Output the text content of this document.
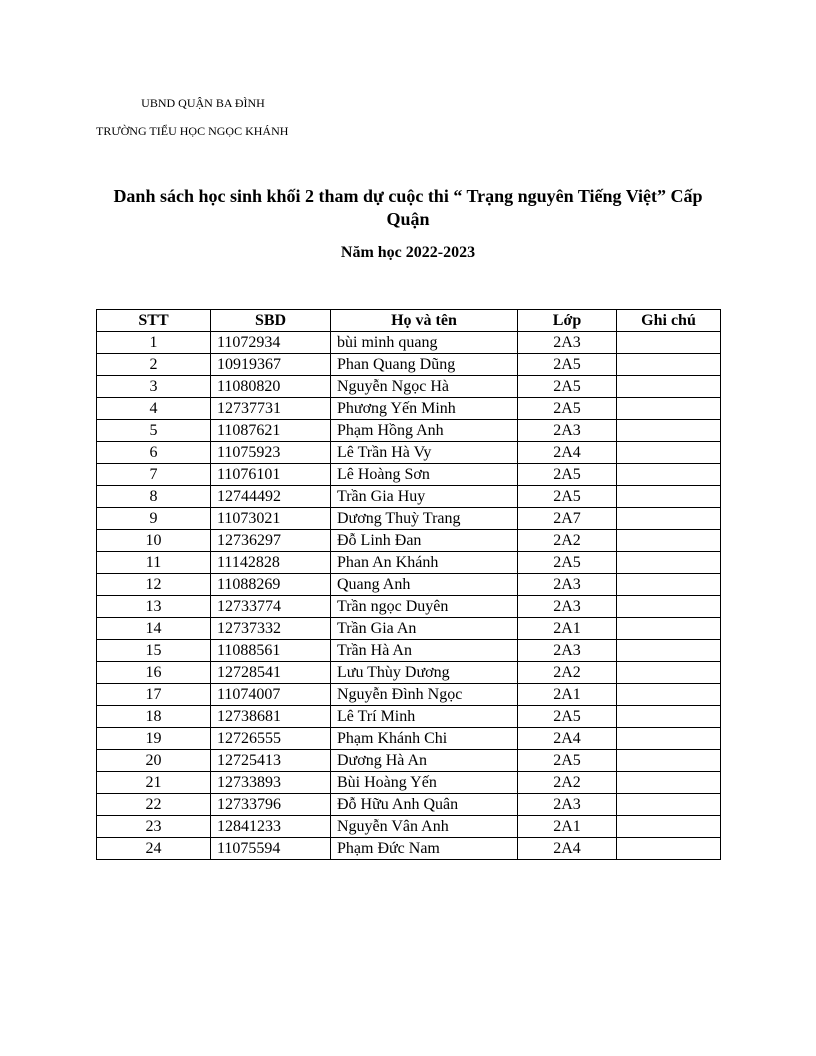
UBND QUẬN BA ĐÌNH
TRƯỜNG TIỂU HỌC NGỌC KHÁNH
Danh sách học sinh khối 2 tham dự cuộc thi “ Trạng nguyên Tiếng Việt” Cấp Quận
Năm học 2022-2023
STT	SBD	Họ và tên	Lớp	Ghi chú
1	11072934	bùi minh quang	2A3	
2	10919367	Phan Quang Dũng	2A5	
3	11080820	Nguyễn Ngọc Hà	2A5	
4	12737731	Phương Yến Minh	2A5	
5	11087621	Phạm Hồng Anh	2A3	
6	11075923	Lê Trần Hà Vy	2A4	
7	11076101	Lê Hoàng Sơn	2A5	
8	12744492	Trần Gia Huy	2A5	
9	11073021	Dương Thuỳ Trang	2A7	
10	12736297	Đỗ Linh Đan	2A2	
11	11142828	Phan An Khánh	2A5	
12	11088269	Quang Anh	2A3	
13	12733774	Trần ngọc Duyên	2A3	
14	12737332	Trần Gia An	2A1	
15	11088561	Trần Hà An	2A3	
16	12728541	Lưu Thùy Dương	2A2	
17	11074007	Nguyễn Đình Ngọc	2A1	
18	12738681	Lê Trí Minh	2A5	
19	12726555	Phạm Khánh Chi	2A4	
20	12725413	Dương Hà An	2A5	
21	12733893	Bùi Hoàng Yến	2A2	
22	12733796	Đỗ Hữu Anh Quân	2A3	
23	12841233	Nguyễn Vân Anh	2A1	
24	11075594	Phạm Đức Nam	2A4	
